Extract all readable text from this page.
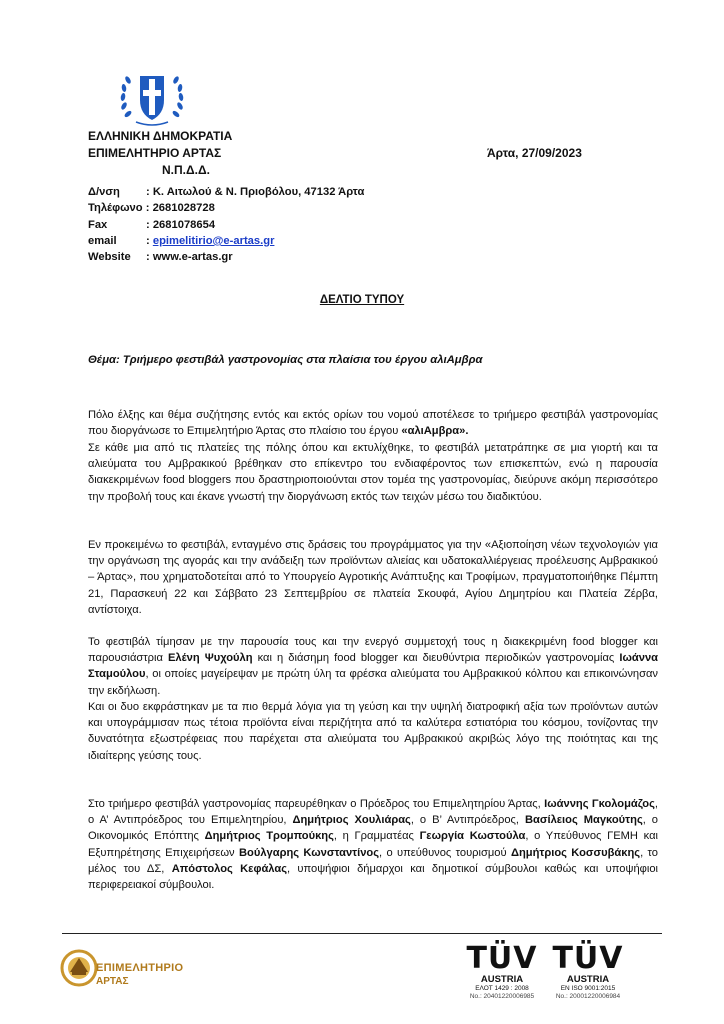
ΕΛΛΗΝΙΚΗ ΔΗΜΟΚΡΑΤΙΑ
ΕΠΙΜΕΛΗΤΗΡΙΟ ΑΡΤΑΣ
Ν.Π.Δ.Δ.
Άρτα, 27/09/2023
Δ/νση : Κ. Αιτωλού & Ν. Πριοβόλου, 47132 Άρτα
Τηλέφωνο : 2681028728
Fax	: 2681078654
email	: epimelitirio@e-artas.gr
Website : www.e-artas.gr
ΔΕΛΤΙΟ ΤΥΠΟΥ
Θέμα: Τριήμερο φεστιβάλ γαστρονομίας στα πλαίσια του έργου αλιΑμβρα

Πόλο έλξης και θέμα συζήτησης εντός και εκτός ορίων του νομού αποτέλεσε το τριήμερο φεστιβάλ γαστρονομίας που διοργάνωσε το Επιμελητήριο Άρτας στο πλαίσιο του έργου «αλιΑμβρα».

Σε κάθε μια από τις πλατείες της πόλης όπου και εκτυλίχθηκε, το φεστιβάλ μετατράπηκε σε μια γιορτή και τα αλιεύματα του Αμβρακικού βρέθηκαν στο επίκεντρο του ενδιαφέροντος των επισκεπτών, ενώ η παρουσία διακεκριμένων food bloggers που δραστηριοποιούνται στον τομέα της γαστρονομίας, διεύρυνε ακόμη περισσότερο την προβολή τους και έκανε γνωστή την διοργάνωση εκτός των τειχών μέσω του διαδικτύου.

Εν προκειμένω το φεστιβάλ, ενταγμένο στις δράσεις του προγράμματος για την «Αξιοποίηση νέων τεχνολογιών για την οργάνωση της αγοράς και την ανάδειξη των προϊόντων αλιείας και υδατοκαλλιέργειας προέλευσης Αμβρακικού – Άρτας», που χρηματοδοτείται από το Υπουργείο Αγροτικής Ανάπτυξης και Τροφίμων, πραγματοποιήθηκε Πέμπτη 21, Παρασκευή 22 και Σάββατο 23 Σεπτεμβρίου σε πλατεία Σκουφά, Αγίου Δημητρίου και Πλατεία Ζέρβα, αντίστοιχα.

Το φεστιβάλ τίμησαν με την παρουσία τους και την ενεργό συμμετοχή τους η διακεκριμένη food blogger και παρουσιάστρια Ελένη Ψυχούλη και η διάσημη food blogger και διευθύντρια περιοδικών γαστρονομίας Ιωάννα Σταμούλου, οι οποίες μαγείρεψαν με πρώτη ύλη τα φρέσκα αλιεύματα του Αμβρακικού κόλπου και επικοινώνησαν την εκδήλωση.

Και οι δυο εκφράστηκαν με τα πιο θερμά λόγια για τη γεύση και την υψηλή διατροφική αξία των προϊόντων αυτών και υπογράμμισαν πως τέτοια προϊόντα είναι περιζήτητα από τα καλύτερα εστιατόρια του κόσμου, τονίζοντας την δυνατότητα εξωστρέφειας που παρέχεται στα αλιεύματα του Αμβρακικού ακριβώς λόγο της ποιότητας και της ιδιαίτερης γεύσης τους.

Στο τριήμερο φεστιβάλ γαστρονομίας παρευρέθηκαν ο Πρόεδρος του Επιμελητηρίου Άρτας, Ιωάννης Γκολομάζος, ο Α’ Αντιπρόεδρος του Επιμελητηρίου, Δημήτριος Χουλιάρας, ο Β’ Αντιπρόεδρος, Βασίλειος Μαγκούτης, ο Οικονομικός Επόπτης Δημήτριος Τρομπούκης, η Γραμματέας Γεωργία Κωστούλα, ο Υπεύθυνος ΓΕΜΗ και Εξυπηρέτησης Επιχειρήσεων Βούλγαρης Κωνσταντίνος, ο υπεύθυνος τουρισμού Δημήτριος Κοσσυβάκης, το μέλος του ΔΣ, Απόστολος Κεφάλας, υποψήφιοι δήμαρχοι και δημοτικοί σύμβουλοι καθώς και υποψήφιοι περιφερειακοί σύμβουλοι.

ΕΠΙΜΕΛΗΤΗΡΙΟ
ΑΡΤΑΣ
TÜV
AUSTRIA
ΕΛΟΤ 1429 : 2008
No.: 20401220006985
TÜV
AUSTRIA
EN ISO 9001:2015
No.: 20001220006984
